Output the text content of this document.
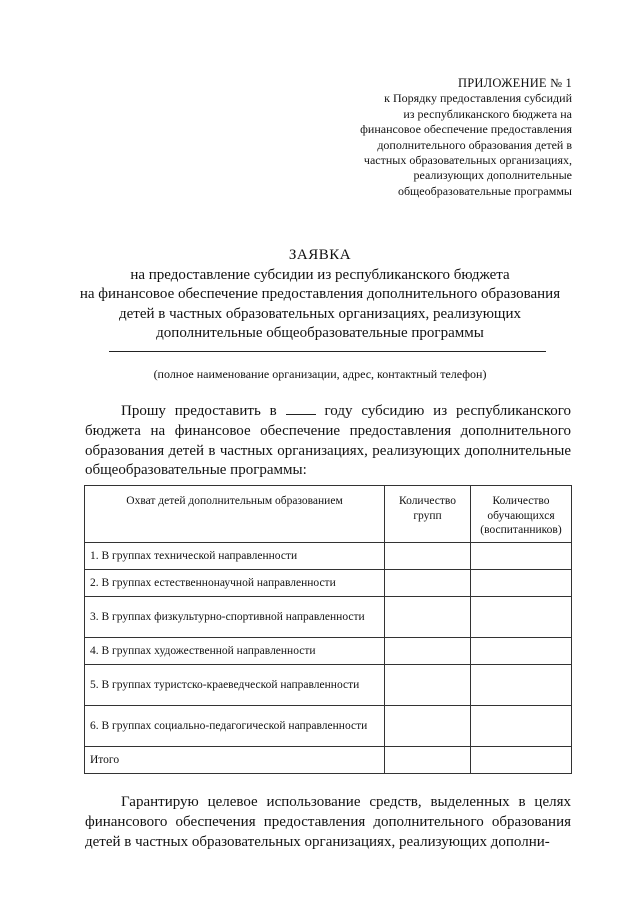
ПРИЛОЖЕНИЕ № 1
к Порядку предоставления субсидий
из республиканского бюджета на
финансовое обеспечение предоставления
дополнительного образования детей в
частных образовательных организациях,
реализующих дополнительные
общеобразовательные программы
ЗАЯВКА
на предоставление субсидии из республиканского бюджета
на финансовое обеспечение предоставления дополнительного образования
детей в частных образовательных организациях, реализующих
дополнительные общеобразовательные программы
(полное наименование организации, адрес, контактный телефон)

Прошу предоставить в	году субсидию из республиканского бюджета на финансовое обеспечение предоставления дополнительного образования детей в частных организациях, реализующих дополнительные общеобразовательные программы:

Охват детей дополнительным образованием	Количество групп	Количество обучающихся (воспитанников)
1. В группах технической направленности		
2. В группах естественнонаучной направленности		
3. В группах физкультурно-спортивной направленности		
4. В группах художественной направленности		
5. В группах туристско-краеведческой направленности		
6. В группах социально-педагогической направленности		
Итого		

Гарантирую целевое использование средств, выделенных в целях финансового обеспечения предоставления дополнительного образования детей в частных образовательных организациях, реализующих дополни-
